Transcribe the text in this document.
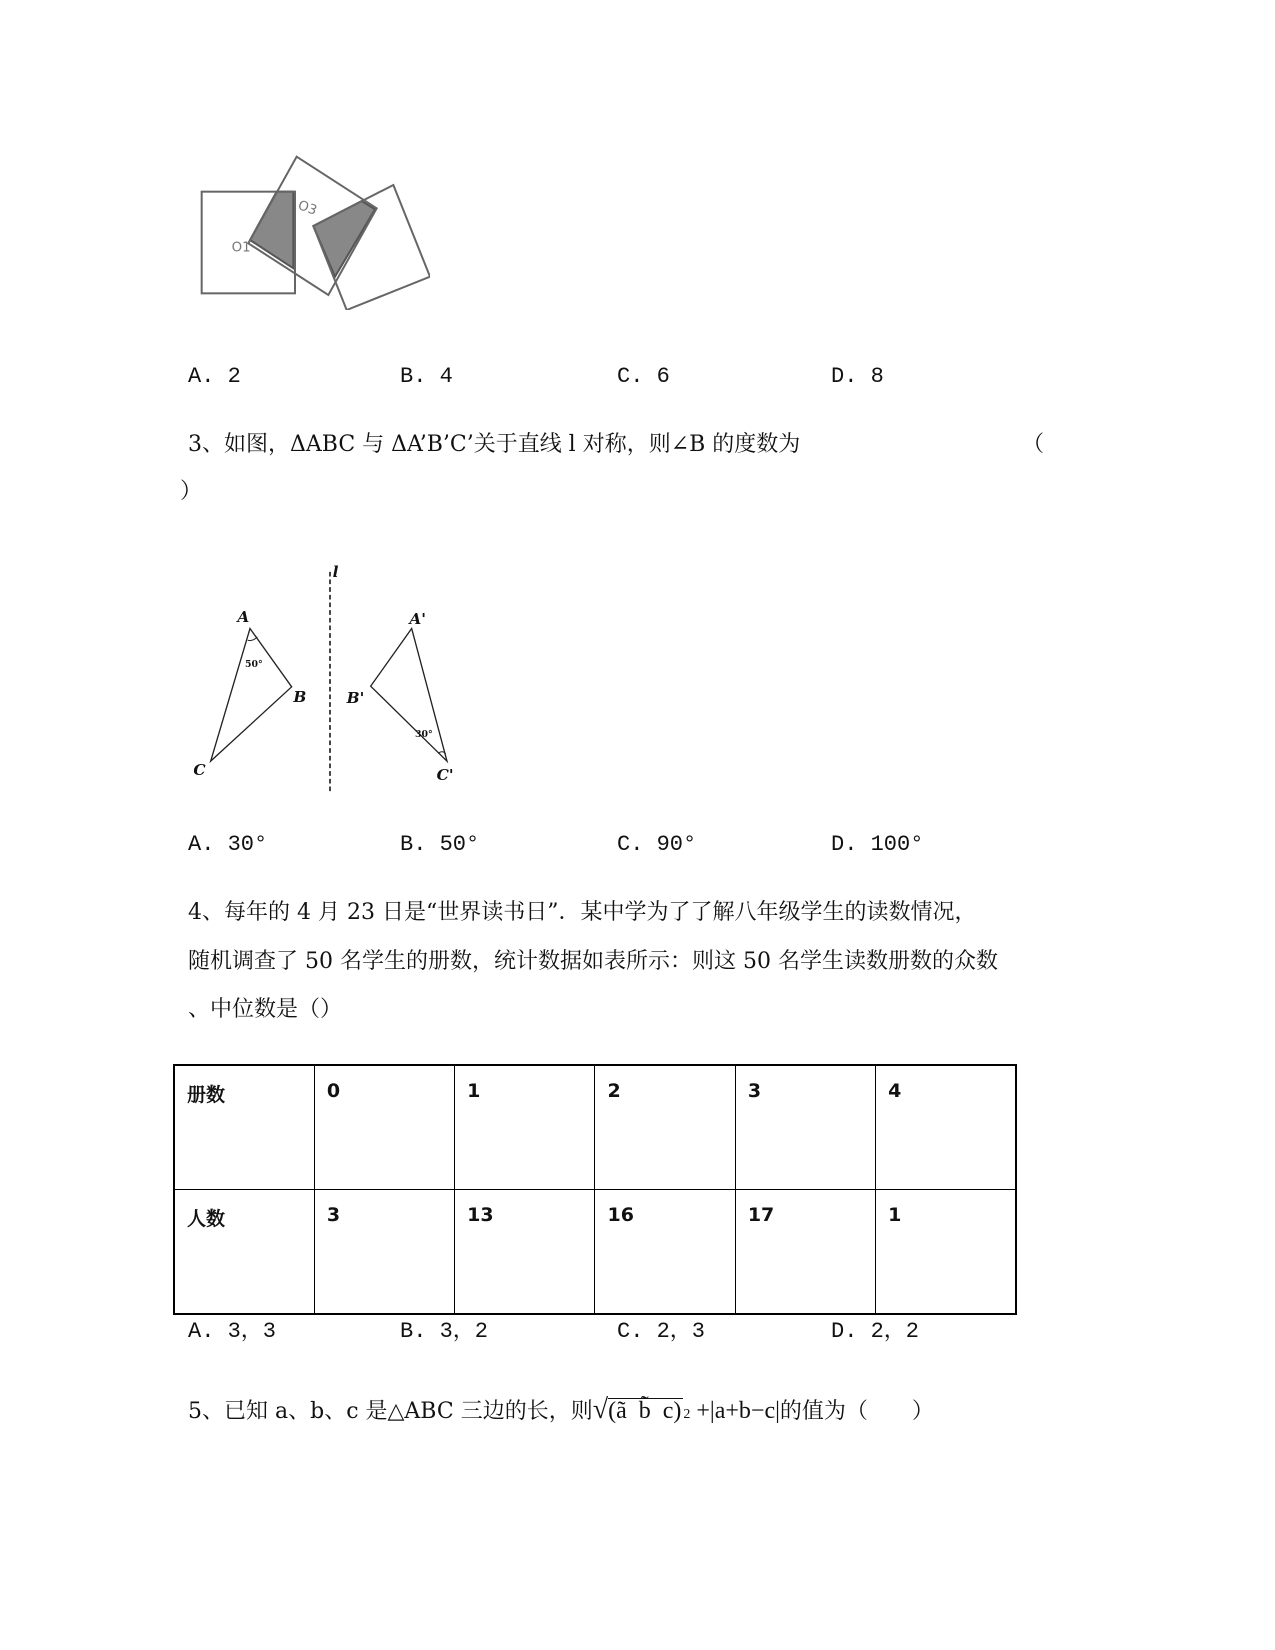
O1
O3
A. 2	B. 4	C. 6	D. 8
3、如图，ΔABC 与 ΔA’B’C’关于直线 l 对称，则∠B 的度数为	（
）
l
A
B
C
A'
B'
C'
50°
30°
A. 30°	B. 50°	C. 90°	D. 100°
4、每年的 4 月 23 日是“世界读书日”．某中学为了了解八年级学生的读数情况，
随机调查了 50 名学生的册数，统计数据如表所示：则这 50 名学生读数册数的众数
、中位数是（）
册数	0	1	2	3	4
人数	3	13	16	17	1
A. 3，3	B. 3，2	C. 2，3	D. 2，2
5、已知 a、b、c 是△ABC 三边的长，则 √ (ã  b̃  c) 2 +|a+b−c| 的值为（　　）
